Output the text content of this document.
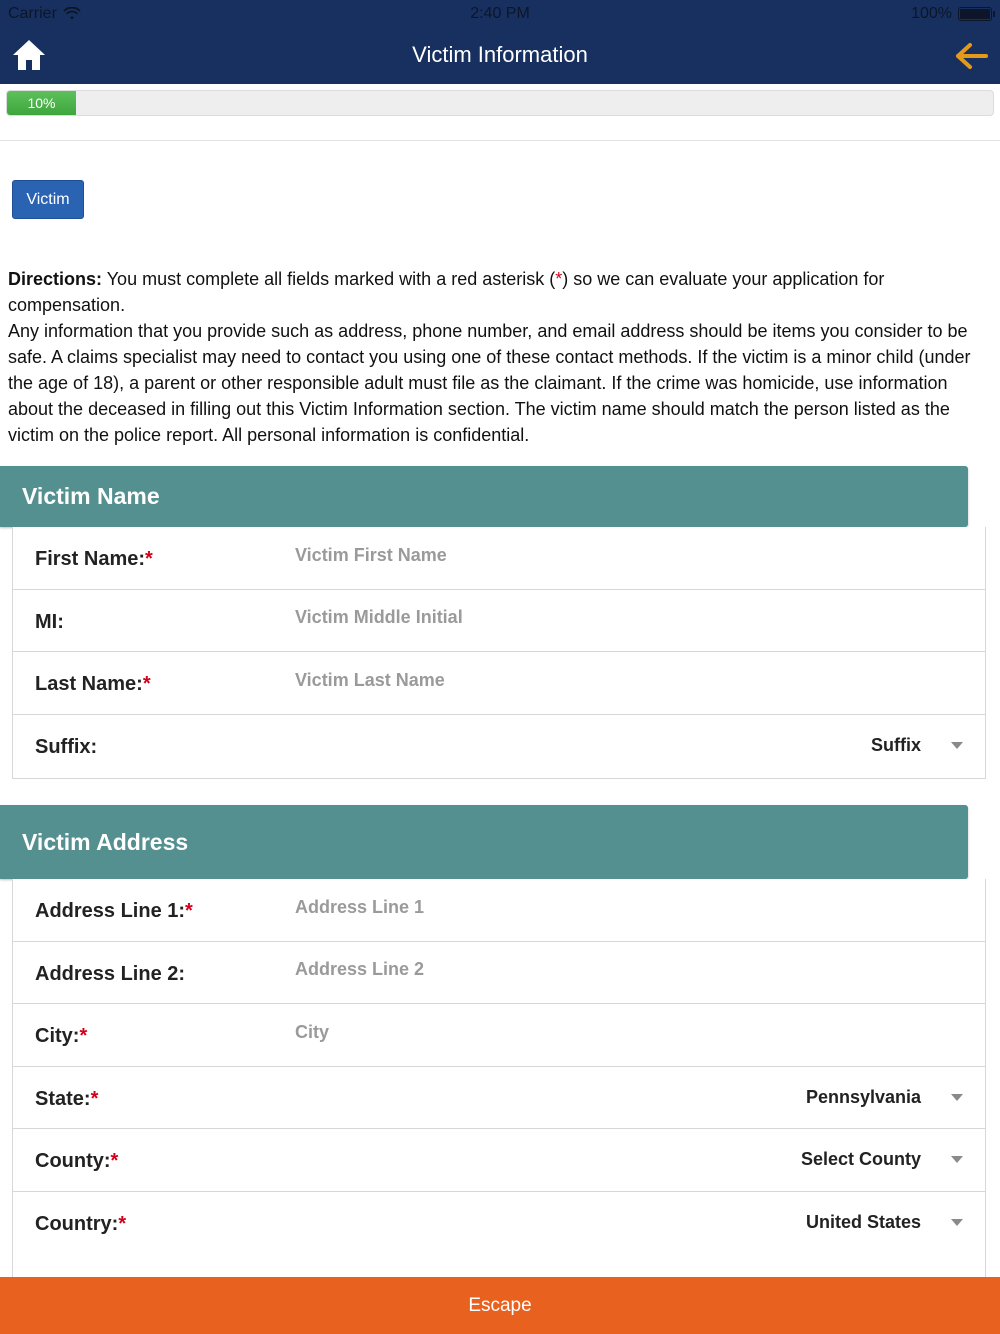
Carrier	2:40 PM	100%
Victim Information
10%
Victim
Directions: You must complete all fields marked with a red asterisk (*) so we can evaluate your application for compensation.
Any information that you provide such as address, phone number, and email address should be items you consider to be safe. A claims specialist may need to contact you using one of these contact methods. If the victim is a minor child (under the age of 18), a parent or other responsible adult must file as the claimant. If the crime was homicide, use information about the deceased in filling out this Victim Information section. The victim name should match the person listed as the victim on the police report. All personal information is confidential.
Victim Name
First Name:*
Victim First Name
MI:
Victim Middle Initial
Last Name:*
Victim Last Name
Suffix:	Suffix
Victim Address
Address Line 1:*
Address Line 1
Address Line 2:
Address Line 2
City:*
City
State:*	Pennsylvania
County:*	Select County
Country:*	United States
Escape
